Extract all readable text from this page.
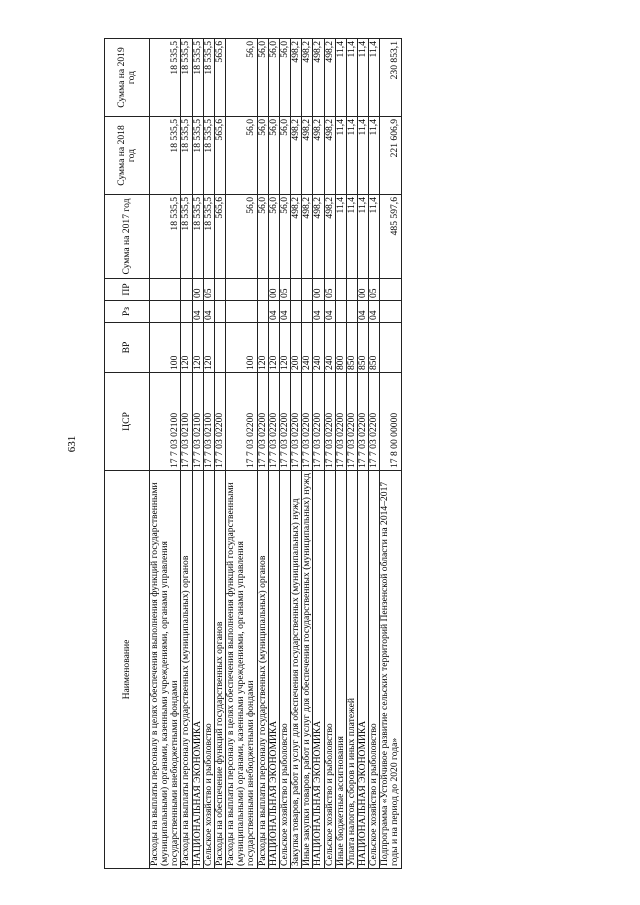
631
Наименование	ЦСР	ВР	Рз	ПР	Сумма на 2017 год	Сумма на 2018 год	Сумма на 2019 год
Расходы на выплаты персоналу в целях обеспечения выполнения функций государственными (муниципальными) органами, казенными учреждениями, органами управления государственными внебюджетными фондами	17 7 03 02100	100			18 535,5	18 535,5	18 535,5
Расходы на выплаты персоналу государственных (муниципальных) органов	17 7 03 02100	120			18 535,5	18 535,5	18 535,5
НАЦИОНАЛЬНАЯ ЭКОНОМИКА	17 7 03 02100	120	04	00	18 535,5	18 535,5	18 535,5
Сельское хозяйство и рыболовство	17 7 03 02100	120	04	05	18 535,5	18 535,5	18 535,5
Расходы на обеспечение функций государственных органов	17 7 03 02200				565,6	565,6	565,6
Расходы на выплаты персоналу в целях обеспечения выполнения функций государственными (муниципальными) органами, казенными учреждениями, органами управления государственными внебюджетными фондами	17 7 03 02200	100			56,0	56,0	56,0
Расходы на выплаты персоналу государственных (муниципальных) органов	17 7 03 02200	120			56,0	56,0	56,0
НАЦИОНАЛЬНАЯ ЭКОНОМИКА	17 7 03 02200	120	04	00	56,0	56,0	56,0
Сельское хозяйство и рыболовство	17 7 03 02200	120	04	05	56,0	56,0	56,0
Закупка товаров, работ и услуг для обеспечения государственных (муниципальных) нужд	17 7 03 02200	200			498,2	498,2	498,2
Иные закупки товаров, работ и услуг для обеспечения государственных (муниципальных) нужд	17 7 03 02200	240			498,2	498,2	498,2
НАЦИОНАЛЬНАЯ ЭКОНОМИКА	17 7 03 02200	240	04	00	498,2	498,2	498,2
Сельское хозяйство и рыболовство	17 7 03 02200	240	04	05	498,2	498,2	498,2
Иные бюджетные ассигнования	17 7 03 02200	800			11,4	11,4	11,4
Уплата налогов, сборов и иных платежей	17 7 03 02200	850			11,4	11,4	11,4
НАЦИОНАЛЬНАЯ ЭКОНОМИКА	17 7 03 02200	850	04	00	11,4	11,4	11,4
Сельское хозяйство и рыболовство	17 7 03 02200	850	04	05	11,4	11,4	11,4
Подпрограмма «Устойчивое развитие сельских территорий Пензенской области на 2014–2017 годы и на период до 2020 года»	17 8 00 00000				485 597,6	221 606,9	230 853,1
